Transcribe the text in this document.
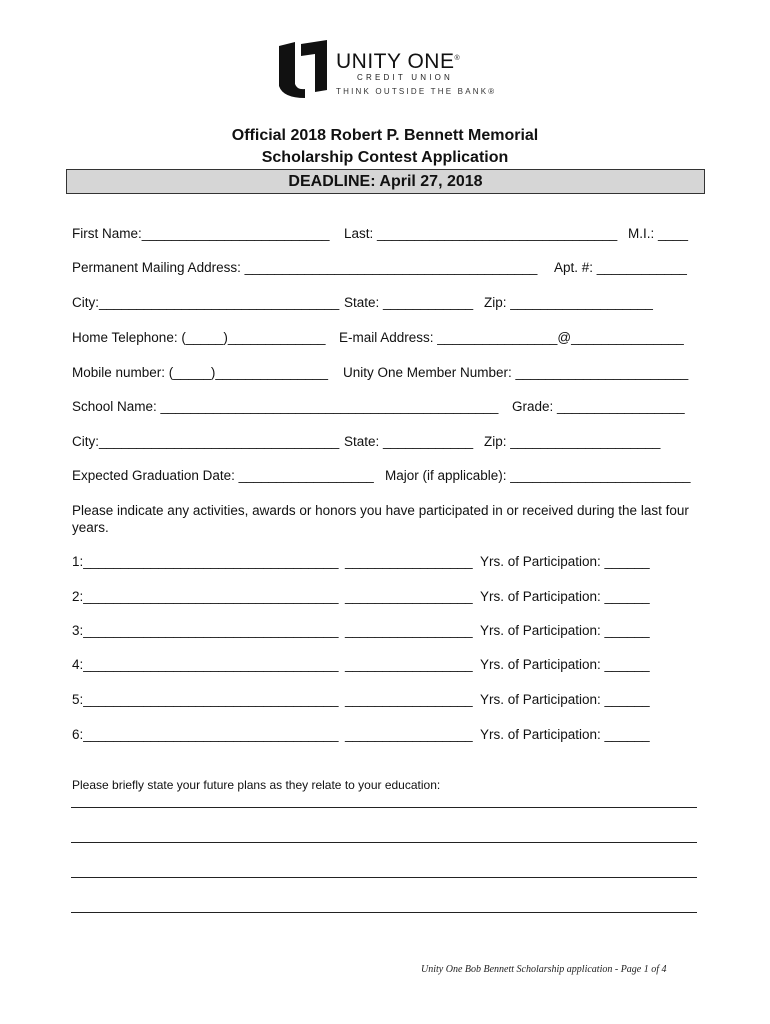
UNITY ONE®
CREDIT UNION
THINK OUTSIDE THE BANK®
Official 2018 Robert P. Bennett Memorial
Scholarship Contest Application
DEADLINE: April 27, 2018
First Name:_________________________ Last: ________________________________ M.I.: ____
Permanent Mailing Address: _______________________________________ Apt. #: ____________
City:________________________________ State: ____________ Zip: ___________________
Home Telephone: (_____)_____________ E-mail Address: ________________@_______________
Mobile number: (_____)_______________ Unity One Member Number: _______________________
School Name: _____________________________________________ Grade: _________________
City:________________________________ State: ____________ Zip: ____________________
Expected Graduation Date: __________________ Major (if applicable): ________________________
Please indicate any activities, awards or honors you have participated in or received during the last four years.
1:__________________________________ _________________ Yrs. of Participation: ______
2:__________________________________ _________________ Yrs. of Participation: ______
3:__________________________________ _________________ Yrs. of Participation: ______
4:__________________________________ _________________ Yrs. of Participation: ______
5:__________________________________ _________________ Yrs. of Participation: ______
6:__________________________________ _________________ Yrs. of Participation: ______
Please briefly state your future plans as they relate to your education:
Unity One Bob Bennett Scholarship application - Page 1 of 4
